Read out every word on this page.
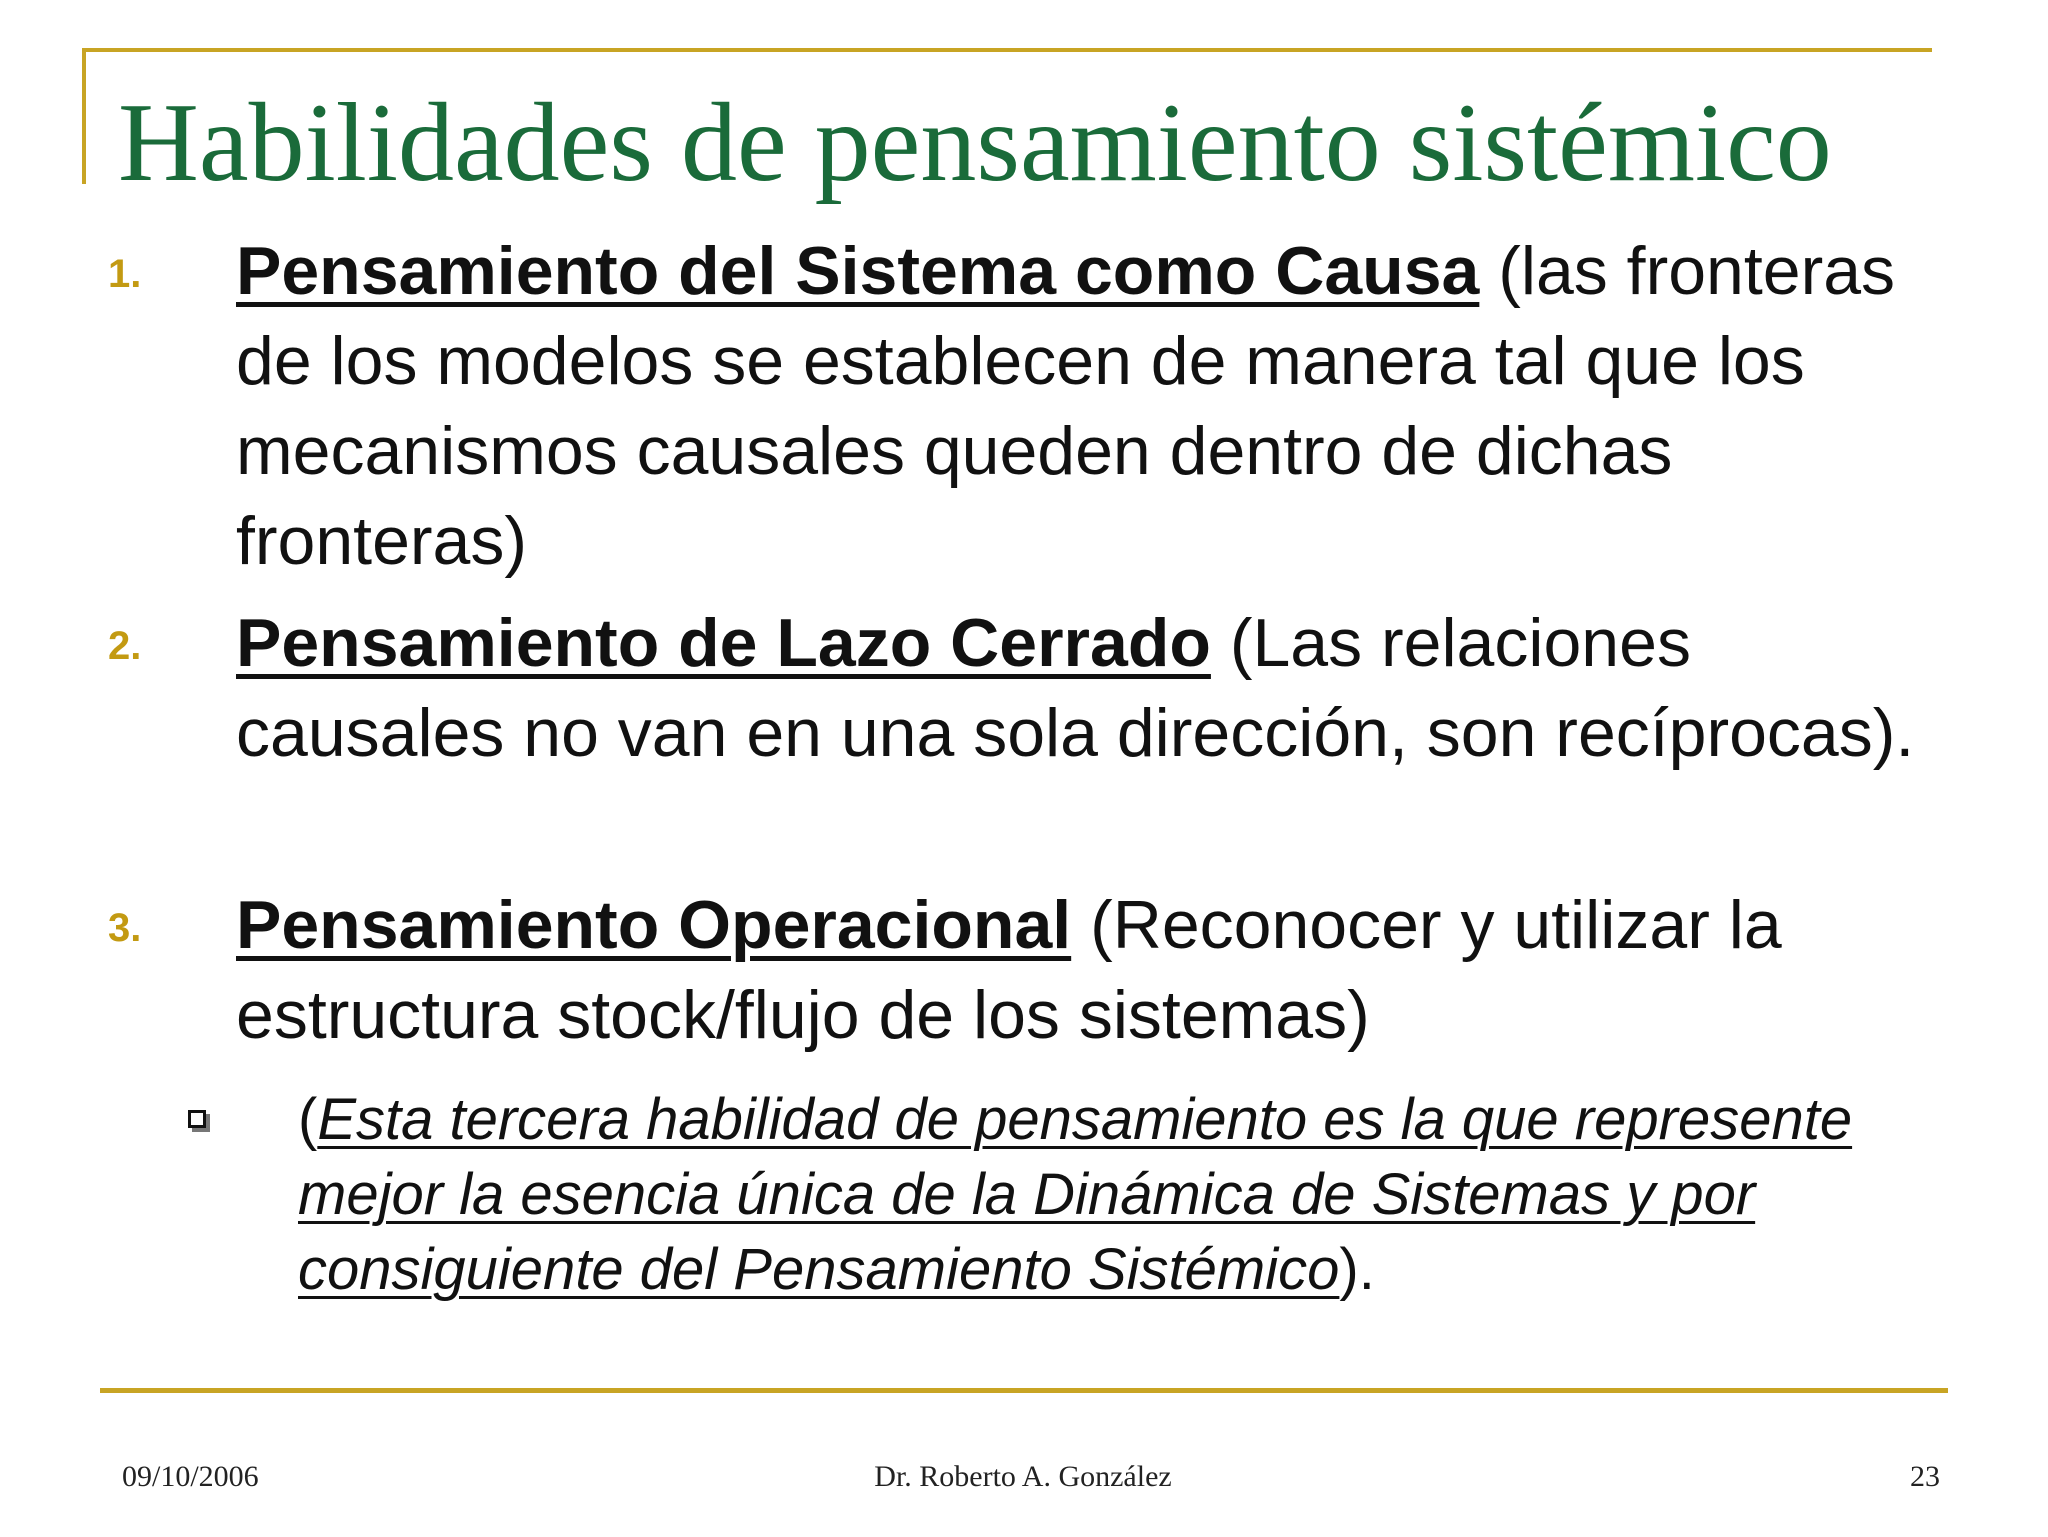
Habilidades de pensamiento sistémico
1. Pensamiento del Sistema como Causa (las fronteras de los modelos se establecen de manera tal que los mecanismos causales queden dentro de dichas fronteras)

2. Pensamiento de Lazo Cerrado (Las relaciones causales no van en una sola dirección, son recíprocas).

3. Pensamiento Operacional (Reconocer y utilizar la estructura stock/flujo de los sistemas)

(Esta tercera habilidad de pensamiento es la que represente mejor la esencia única de la Dinámica de Sistemas y por consiguiente del Pensamiento Sistémico).

09/10/2006	Dr. Roberto A. González	23
